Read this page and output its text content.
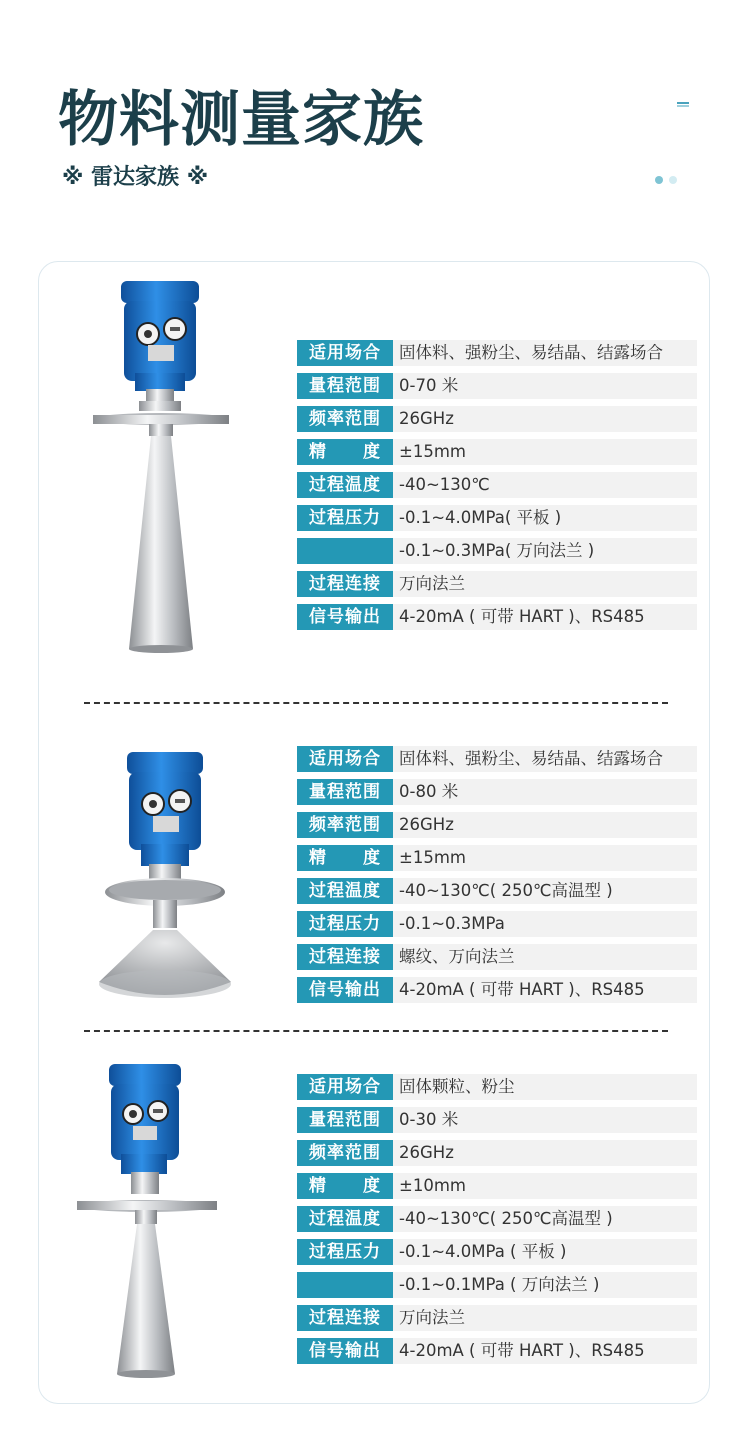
物料测量家族
※ 雷达家族 ※
适用场合	固体料、强粉尘、易结晶、结露场合
量程范围	0-70 米
频率范围	26GHz
精　　度	±15mm
过程温度	-40~130℃
过程压力	-0.1~4.0MPa( 平板 )
-0.1~0.3MPa( 万向法兰 )
过程连接	万向法兰
信号输出	4-20mA ( 可带 HART )、RS485
适用场合	固体料、强粉尘、易结晶、结露场合
量程范围	0-80 米
频率范围	26GHz
精　　度	±15mm
过程温度	-40~130℃( 250℃高温型 )
过程压力	-0.1~0.3MPa
过程连接	螺纹、万向法兰
信号输出	4-20mA ( 可带 HART )、RS485
适用场合	固体颗粒、粉尘
量程范围	0-30 米
频率范围	26GHz
精　　度	±10mm
过程温度	-40~130℃( 250℃高温型 )
过程压力	-0.1~4.0MPa ( 平板 )
-0.1~0.1MPa ( 万向法兰 )
过程连接	万向法兰
信号输出	4-20mA ( 可带 HART )、RS485
